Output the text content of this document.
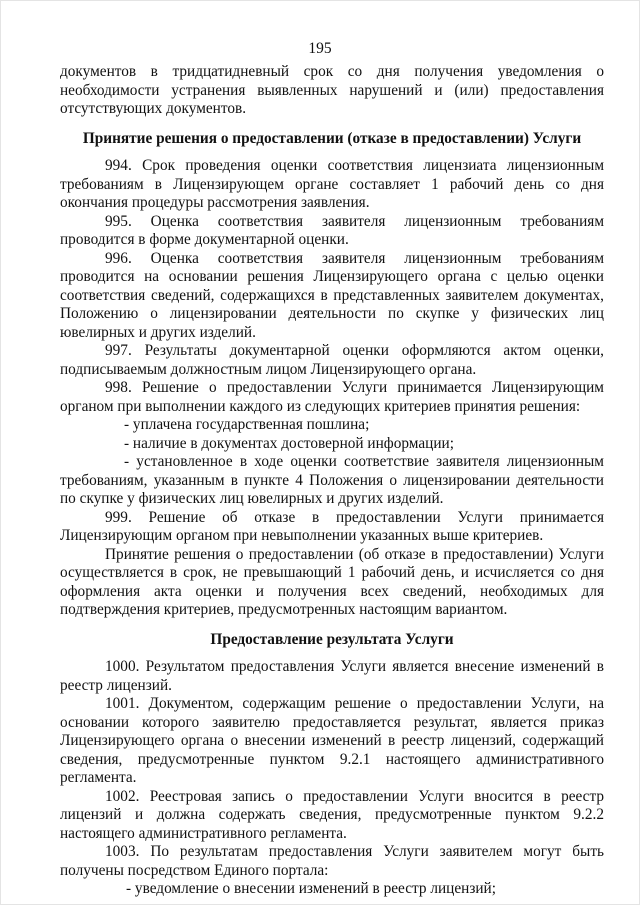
195

документов в тридцатидневный срок со дня получения уведомления о необходимости устранения выявленных нарушений и (или) предоставления отсутствующих документов.

Принятие решения о предоставлении (отказе в предоставлении) Услуги

994. Срок проведения оценки соответствия лицензиата лицензионным требованиям в Лицензирующем органе составляет 1 рабочий день со дня окончания процедуры рассмотрения заявления.

995. Оценка соответствия заявителя лицензионным требованиям проводится в форме документарной оценки.

996. Оценка соответствия заявителя лицензионным требованиям проводится на основании решения Лицензирующего органа с целью оценки соответствия сведений, содержащихся в представленных заявителем документах, Положению о лицензировании деятельности по скупке у физических лиц ювелирных и других изделий.

997. Результаты документарной оценки оформляются актом оценки, подписываемым должностным лицом Лицензирующего органа.

998. Решение о предоставлении Услуги принимается Лицензирующим органом при выполнении каждого из следующих критериев принятия решения:

- уплачена государственная пошлина;

- наличие в документах достоверной информации;

- установленное в ходе оценки соответствие заявителя лицензионным требованиям, указанным в пункте 4 Положения о лицензировании деятельности по скупке у физических лиц ювелирных и других изделий.

999. Решение об отказе в предоставлении Услуги принимается Лицензирующим органом при невыполнении указанных выше критериев.

Принятие решения о предоставлении (об отказе в предоставлении) Услуги осуществляется в срок, не превышающий 1 рабочий день, и исчисляется со дня оформления акта оценки и получения всех сведений, необходимых для подтверждения критериев, предусмотренных настоящим вариантом.

Предоставление результата Услуги

1000. Результатом предоставления Услуги является внесение изменений в реестр лицензий.

1001. Документом, содержащим решение о предоставлении Услуги, на основании которого заявителю предоставляется результат, является приказ Лицензирующего органа о внесении изменений в реестр лицензий, содержащий сведения, предусмотренные пунктом 9.2.1 настоящего административного регламента.

1002. Реестровая запись о предоставлении Услуги вносится в реестр лицензий и должна содержать сведения, предусмотренные пунктом 9.2.2 настоящего административного регламента.

1003. По результатам предоставления Услуги заявителем могут быть получены посредством Единого портала:

- уведомление о внесении изменений в реестр лицензий;
